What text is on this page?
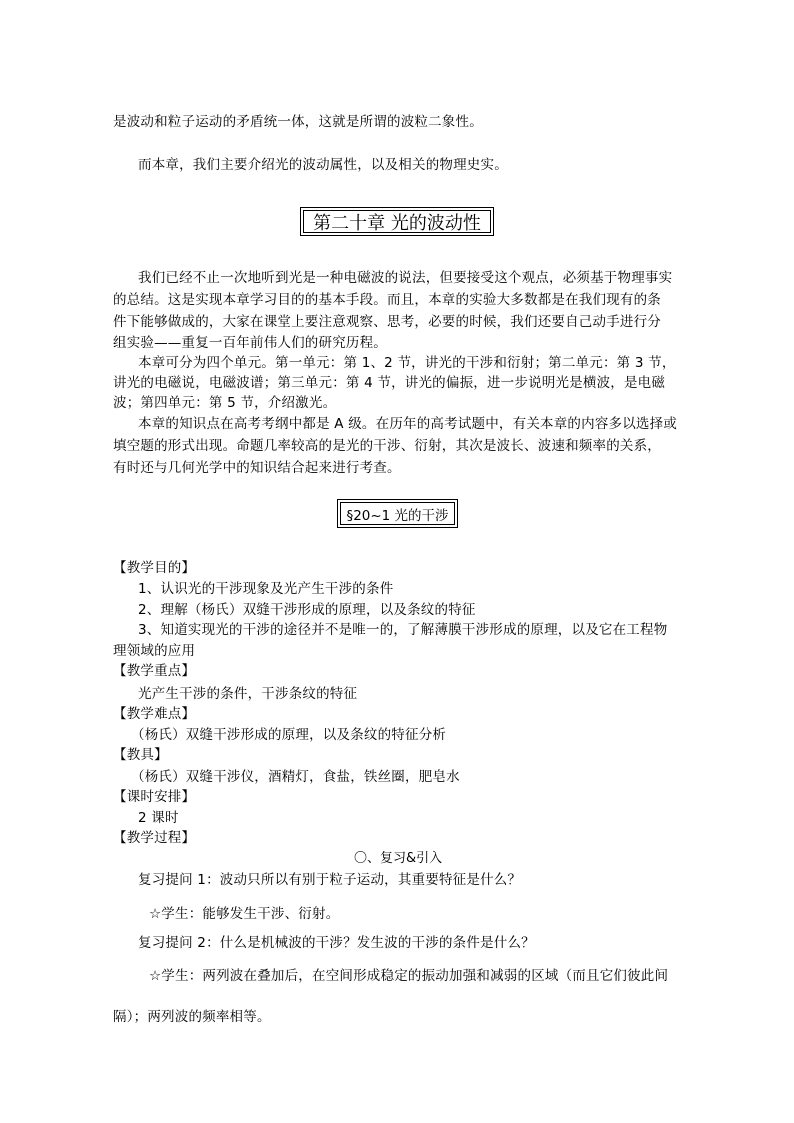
是波动和粒子运动的矛盾统一体，这就是所谓的波粒二象性。
而本章，我们主要介绍光的波动属性，以及相关的物理史实。
第二十章 光的波动性
我们已经不止一次地听到光是一种电磁波的说法，但要接受这个观点，必须基于物理事实
的总结。这是实现本章学习目的的基本手段。而且，本章的实验大多数都是在我们现有的条
件下能够做成的，大家在课堂上要注意观察、思考，必要的时候，我们还要自己动手进行分
组实验——重复一百年前伟人们的研究历程。
本章可分为四个单元。第一单元：第 1、2 节，讲光的干涉和衍射；第二单元：第 3 节，
讲光的电磁说，电磁波谱；第三单元：第 4 节，讲光的偏振，进一步说明光是横波，是电磁
波；第四单元：第 5 节，介绍激光。
本章的知识点在高考考纲中都是 A 级。在历年的高考试题中，有关本章的内容多以选择或
填空题的形式出现。命题几率较高的是光的干涉、衍射，其次是波长、波速和频率的关系，
有时还与几何光学中的知识结合起来进行考查。
§20~1 光的干涉
【教学目的】
1、认识光的干涉现象及光产生干涉的条件
2、理解（杨氏）双缝干涉形成的原理，以及条纹的特征
3、知道实现光的干涉的途径并不是唯一的，了解薄膜干涉形成的原理，以及它在工程物
理领域的应用
【教学重点】
光产生干涉的条件，干涉条纹的特征
【教学难点】
（杨氏）双缝干涉形成的原理，以及条纹的特征分析
【教具】
（杨氏）双缝干涉仪，酒精灯，食盐，铁丝圈，肥皂水
【课时安排】
2 课时
【教学过程】
〇、复习&引入
复习提问 1：波动只所以有别于粒子运动，其重要特征是什么？
☆学生：能够发生干涉、衍射。
复习提问 2：什么是机械波的干涉？发生波的干涉的条件是什么？
☆学生：两列波在叠加后，在空间形成稳定的振动加强和减弱的区域（而且它们彼此间
隔）；两列波的频率相等。
